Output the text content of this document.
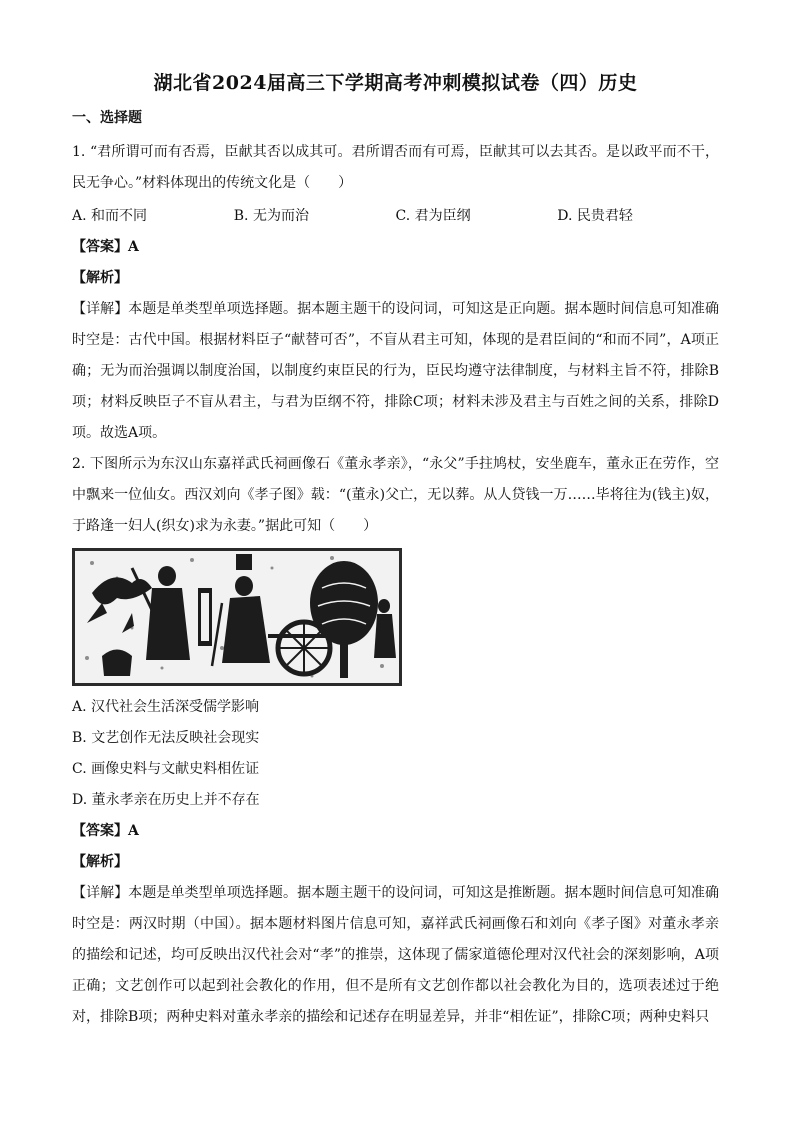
湖北省2024届高三下学期高考冲刺模拟试卷（四）历史
一、选择题

1. “君所谓可而有否焉，臣献其否以成其可。君所谓否而有可焉，臣献其可以去其否。是以政平而不干，民无争心。”材料体现出的传统文化是（　　）

A. 和而不同	B. 无为而治	C. 君为臣纲	D. 民贵君轻
【答案】A
【解析】

【详解】本题是单类型单项选择题。据本题主题干的设问词，可知这是正向题。据本题时间信息可知准确时空是：古代中国。根据材料臣子“献替可否”，不盲从君主可知，体现的是君臣间的“和而不同”，A项正确；无为而治强调以制度治国，以制度约束臣民的行为，臣民均遵守法律制度，与材料主旨不符，排除B项；材料反映臣子不盲从君主，与君为臣纲不符，排除C项；材料未涉及君主与百姓之间的关系，排除D项。故选A项。

2. 下图所示为东汉山东嘉祥武氏祠画像石《董永孝亲》，“永父”手拄鸠杖，安坐鹿车，董永正在劳作，空中飘来一位仙女。西汉刘向《孝子图》载：“(董永)父亡，无以葬。从人贷钱一万……毕将往为(钱主)奴，于路逢一妇人(织女)求为永妻。”据此可知（　　）

A. 汉代社会生活深受儒学影响
B. 文艺创作无法反映社会现实
C. 画像史料与文献史料相佐证
D. 董永孝亲在历史上并不存在
【答案】A
【解析】

【详解】本题是单类型单项选择题。据本题主题干的设问词，可知这是推断题。据本题时间信息可知准确时空是：两汉时期（中国）。据本题材料图片信息可知，嘉祥武氏祠画像石和刘向《孝子图》对董永孝亲的描绘和记述，均可反映出汉代社会对“孝”的推崇，这体现了儒家道德伦理对汉代社会的深刻影响，A项正确；文艺创作可以起到社会教化的作用，但不是所有文艺创作都以社会教化为目的，选项表述过于绝对，排除B项；两种史料对董永孝亲的描绘和记述存在明显差异，并非“相佐证”，排除C项；两种史料只
